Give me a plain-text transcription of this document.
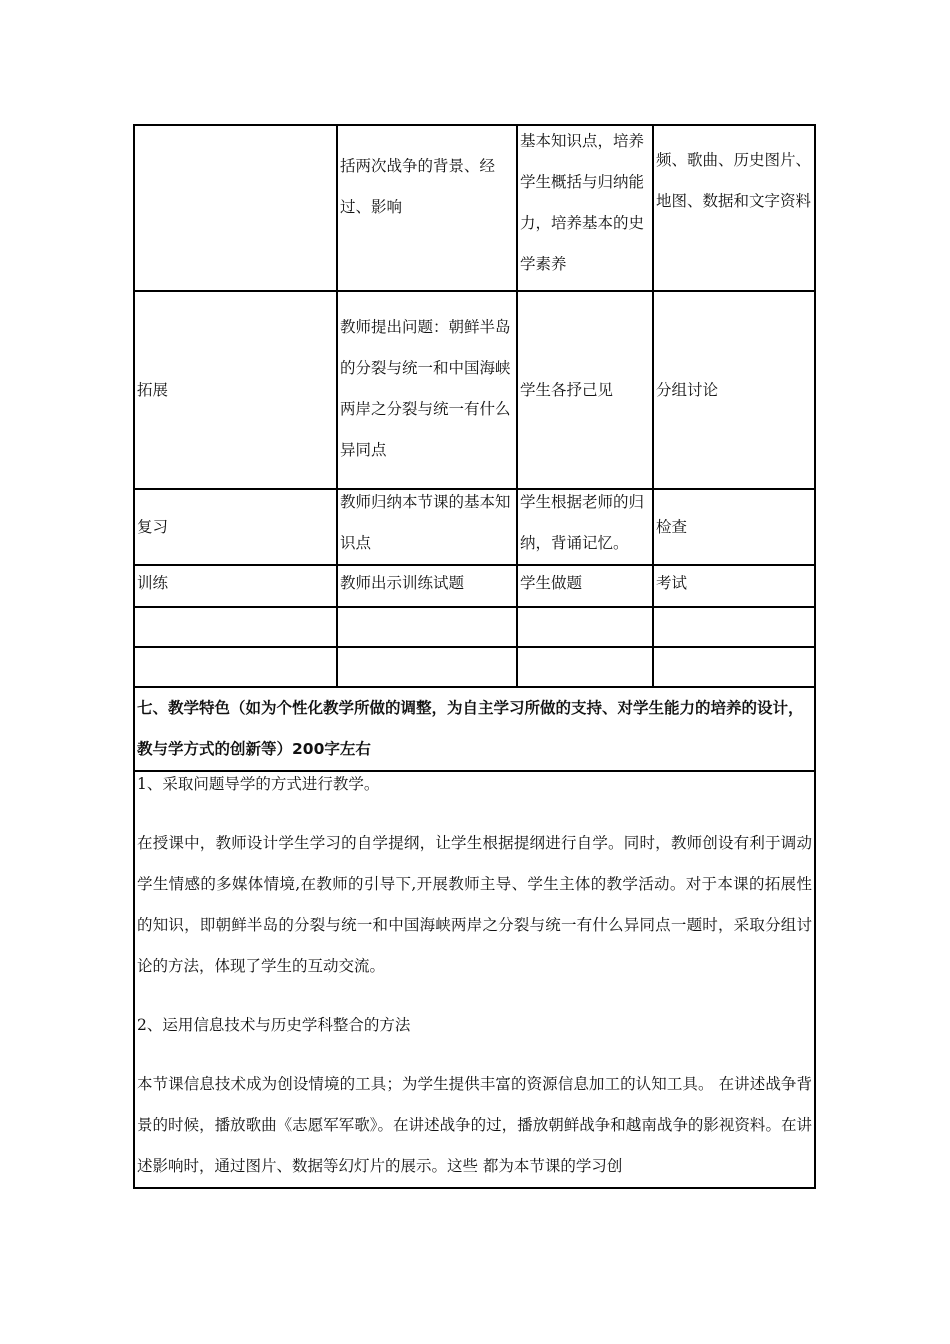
	括两次战争的背景、经过、影响	基本知识点，培养学生概括与归纳能力，培养基本的史学素养	频、歌曲、历史图片、地图、数据和文字资料

拓展	教师提出问题：朝鲜半岛的分裂与统一和中国海峡两岸之分裂与统一有什么异同点	学生各抒己见	分组讨论

复习	教师归纳本节课的基本知识点	学生根据老师的归纳，背诵记忆。	检查

训练	教师出示训练试题	学生做题	考试

七、教学特色（如为个性化教学所做的调整，为自主学习所做的支持、对学生能力的培养的设计，教与学方式的创新等）200字左右			

1、采取问题导学的方式进行教学。

在授课中，教师设计学生学习的自学提纲，让学生根据提纲进行自学。同时，教师创设有利于调动学生情感的多媒体情境,在教师的引导下,开展教师主导、学生主体的教学活动。对于本课的拓展性的知识，即朝鲜半岛的分裂与统一和中国海峡两岸之分裂与统一有什么异同点一题时，采取分组讨论的方法，体现了学生的互动交流。

2、运用信息技术与历史学科整合的方法

本节课信息技术成为创设情境的工具；为学生提供丰富的资源信息加工的认知工具。 在讲述战争背景的时候，播放歌曲《志愿军军歌》。在讲述战争的过，播放朝鲜战争和越南战争的影视资料。在讲述影响时，通过图片、数据等幻灯片的展示。这些 都为本节课的学习创			
